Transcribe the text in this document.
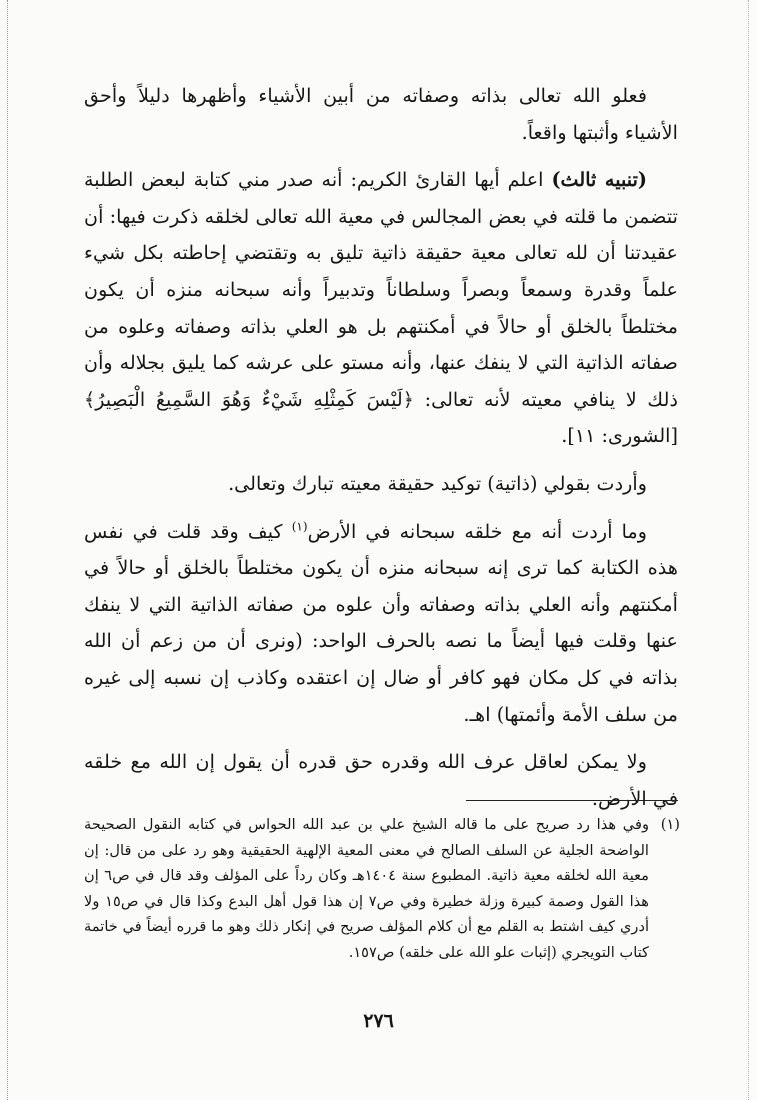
فعلو الله تعالى بذاته وصفاته من أبين الأشياء وأظهرها دليلاً وأحق الأشياء وأثبتها واقعاً.

(تنبيه ثالث) اعلم أيها القارئ الكريم: أنه صدر مني كتابة لبعض الطلبة تتضمن ما قلته في بعض المجالس في معية الله تعالى لخلقه ذكرت فيها: أن عقيدتنا أن لله تعالى معية حقيقة ذاتية تليق به وتقتضي إحاطته بكل شيء علماً وقدرة وسمعاً وبصراً وسلطاناً وتدبيراً وأنه سبحانه منزه أن يكون مختلطاً بالخلق أو حالاً في أمكنتهم بل هو العلي بذاته وصفاته وعلوه من صفاته الذاتية التي لا ينفك عنها، وأنه مستو على عرشه كما يليق بجلاله وأن ذلك لا ينافي معيته لأنه تعالى: ﴿لَيْسَ كَمِثْلِهِ شَيْءٌ وَهُوَ السَّمِيعُ الْبَصِيرُ﴾ [الشورى: ١١].

وأردت بقولي (ذاتية) توكيد حقيقة معيته تبارك وتعالى.

وما أردت أنه مع خلقه سبحانه في الأرض$^{(١)}$ كيف وقد قلت في نفس هذه الكتابة كما ترى إنه سبحانه منزه أن يكون مختلطاً بالخلق أو حالاً في أمكنتهم وأنه العلي بذاته وصفاته وأن علوه من صفاته الذاتية التي لا ينفك عنها وقلت فيها أيضاً ما نصه بالحرف الواحد: (ونرى أن من زعم أن الله بذاته في كل مكان فهو كافر أو ضال إن اعتقده وكاذب إن نسبه إلى غيره من سلف الأمة وأئمتها) اهـ.

ولا يمكن لعاقل عرف الله وقدره حق قدره أن يقول إن الله مع خلقه في الأرض.

(١)
وفي هذا رد صريح على ما قاله الشيخ علي بن عبد الله الحواس في كتابه النقول الصحيحة الواضحة الجلية عن السلف الصالح في معنى المعية الإلهية الحقيقية وهو رد على من قال: إن معية الله لخلقه معية ذاتية. المطبوع سنة ١٤٠٤هـ وكان رداً على المؤلف وقد قال في ص٦ إن هذا القول وصمة كبيرة وزلة خطيرة وفي ص٧ إن هذا قول أهل البدع وكذا قال في ص١٥ ولا أدري كيف اشتط به القلم مع أن كلام المؤلف صريح في إنكار ذلك وهو ما قرره أيضاً في خاتمة كتاب التويجري (إثبات علو الله على خلقه) ص١٥٧.
٢٧٦
